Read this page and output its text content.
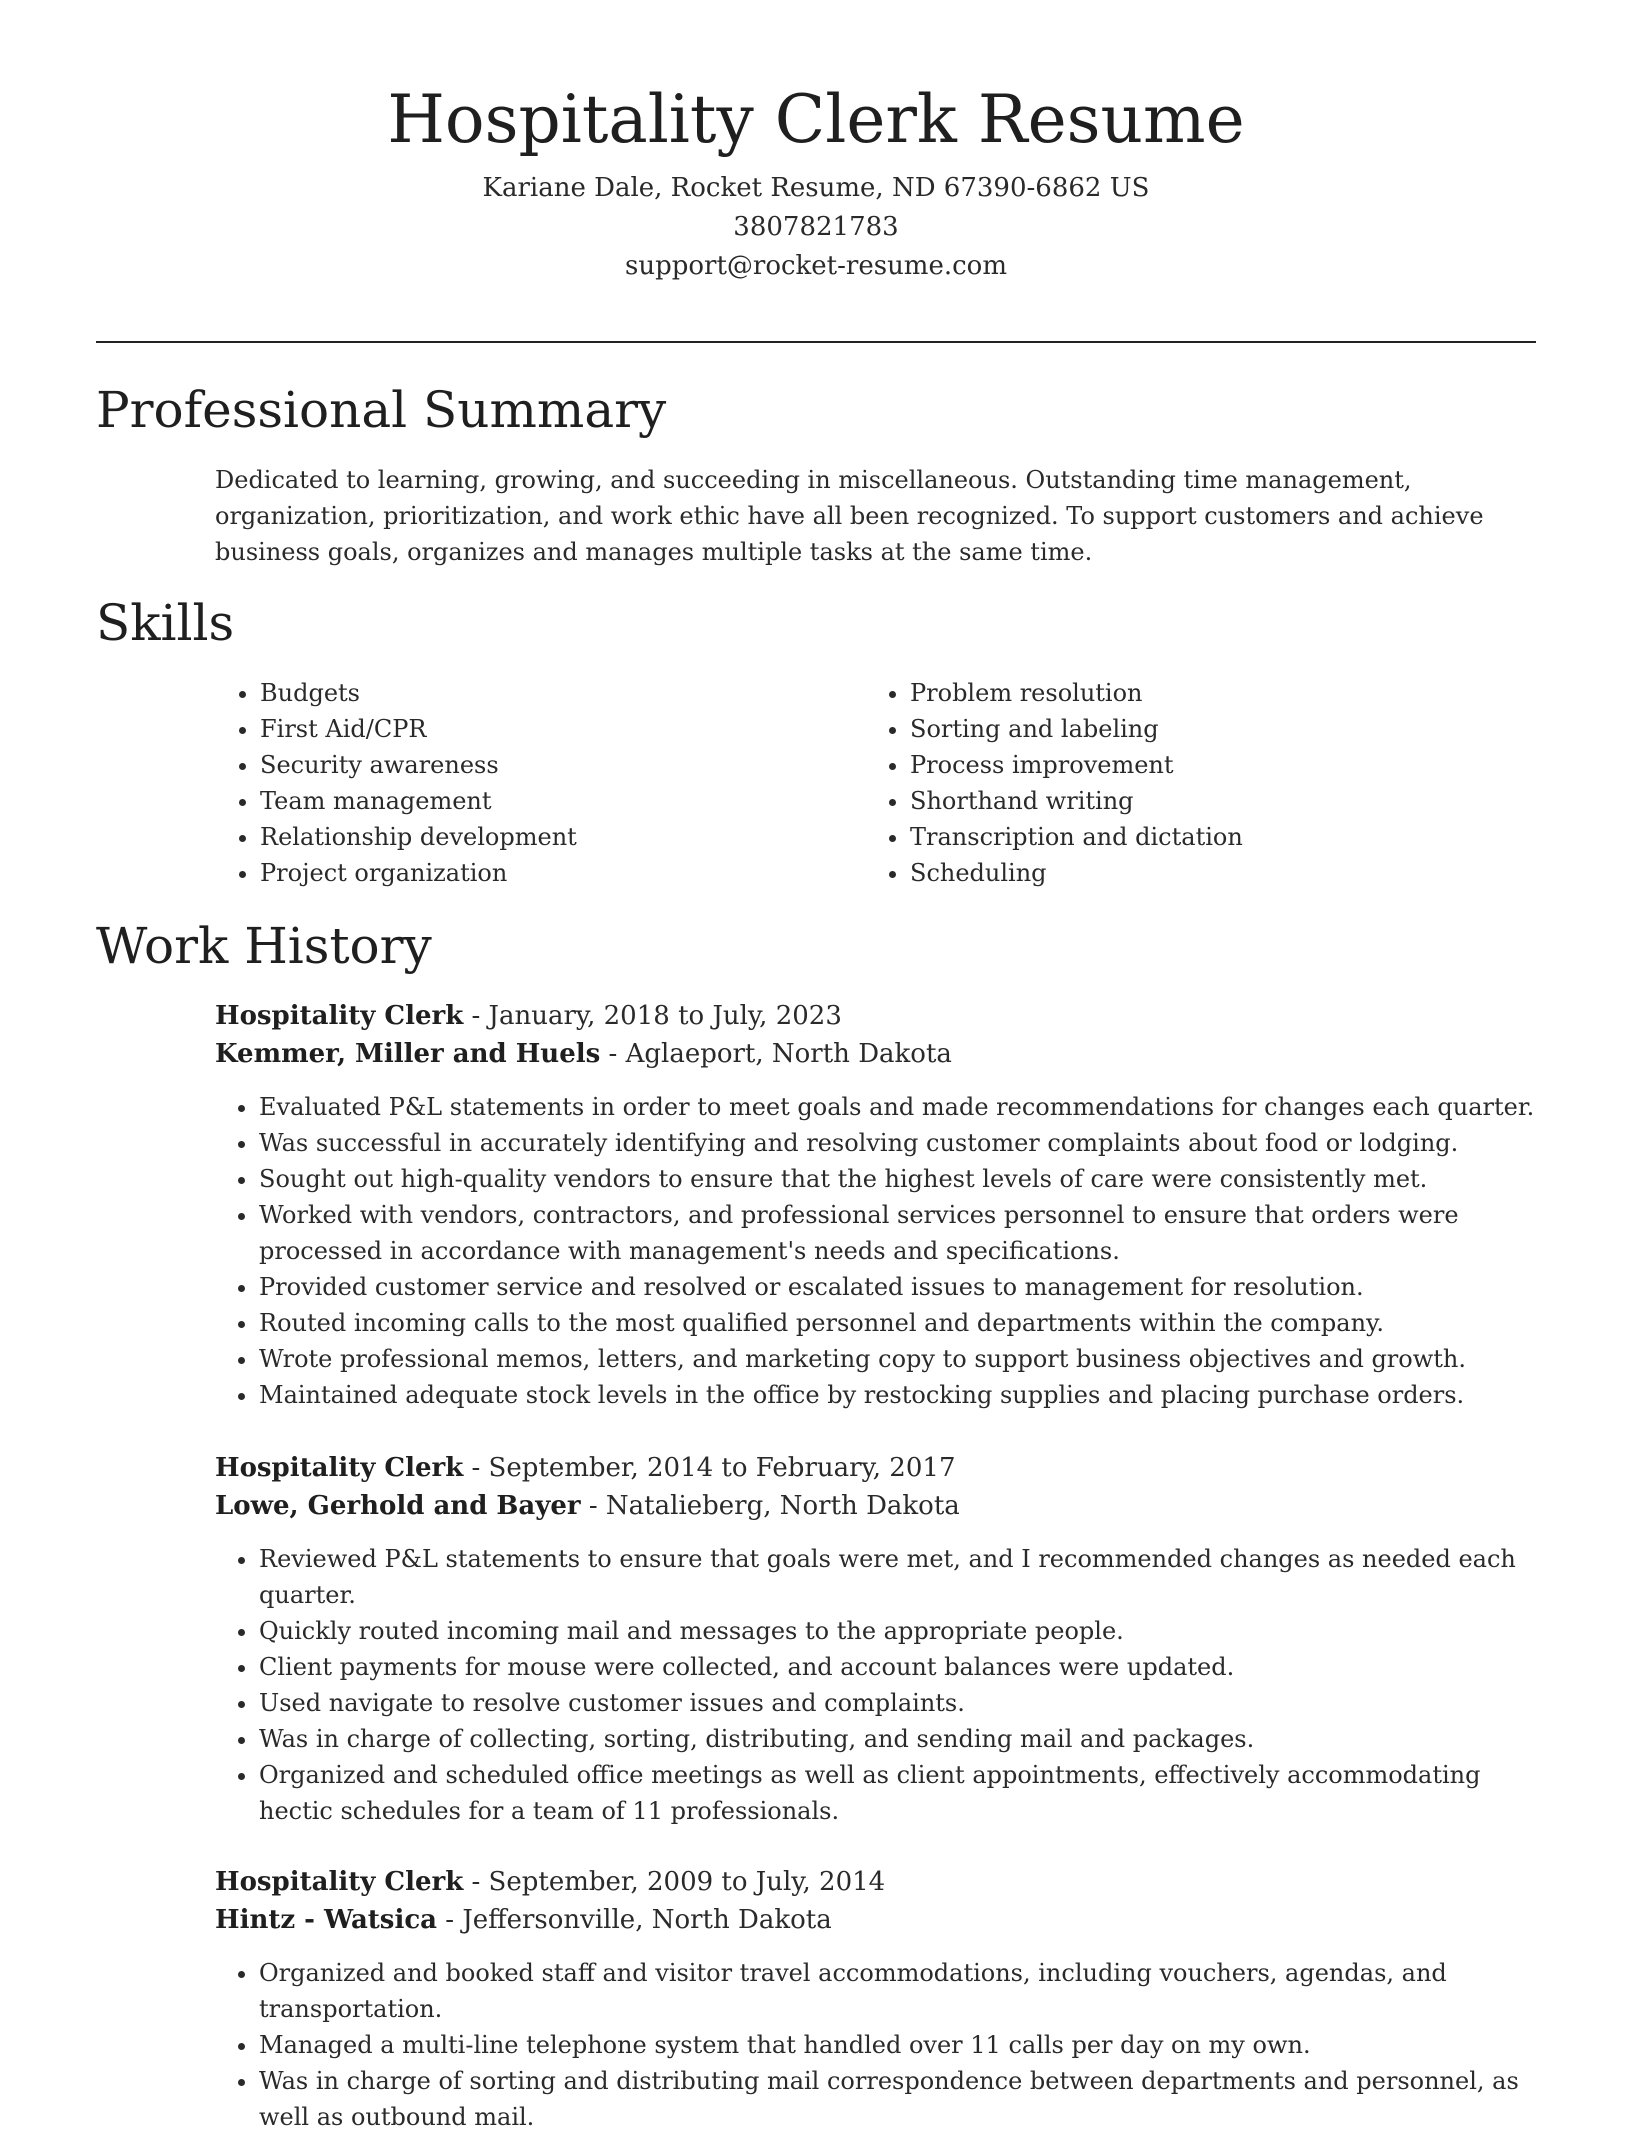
Hospitality Clerk Resume
Kariane Dale, Rocket Resume, ND 67390-6862 US
3807821783
support@rocket-resume.com
Professional Summary

Dedicated to learning, growing, and succeeding in miscellaneous. Outstanding time management, organization, prioritization, and work ethic have all been recognized. To support customers and achieve business goals, organizes and manages multiple tasks at the same time.

Skills
• Budgets
• First Aid/CPR
• Security awareness
• Team management
• Relationship development
• Project organization
• Problem resolution
• Sorting and labeling
• Process improvement
• Shorthand writing
• Transcription and dictation
• Scheduling
Work History
Hospitality Clerk - January, 2018 to July, 2023
Kemmer, Miller and Huels - Aglaeport, North Dakota
• Evaluated P&L statements in order to meet goals and made recommendations for changes each quarter.
• Was successful in accurately identifying and resolving customer complaints about food or lodging.
• Sought out high-quality vendors to ensure that the highest levels of care were consistently met.
• Worked with vendors, contractors, and professional services personnel to ensure that orders were processed in accordance with management's needs and specifications.
• Provided customer service and resolved or escalated issues to management for resolution.
• Routed incoming calls to the most qualified personnel and departments within the company.
• Wrote professional memos, letters, and marketing copy to support business objectives and growth.
• Maintained adequate stock levels in the office by restocking supplies and placing purchase orders.
Hospitality Clerk - September, 2014 to February, 2017
Lowe, Gerhold and Bayer - Natalieberg, North Dakota
• Reviewed P&L statements to ensure that goals were met, and I recommended changes as needed each quarter.
• Quickly routed incoming mail and messages to the appropriate people.
• Client payments for mouse were collected, and account balances were updated.
• Used navigate to resolve customer issues and complaints.
• Was in charge of collecting, sorting, distributing, and sending mail and packages.
• Organized and scheduled office meetings as well as client appointments, effectively accommodating hectic schedules for a team of 11 professionals.
Hospitality Clerk - September, 2009 to July, 2014
Hintz - Watsica - Jeffersonville, North Dakota
• Organized and booked staff and visitor travel accommodations, including vouchers, agendas, and transportation.
• Managed a multi-line telephone system that handled over 11 calls per day on my own.
• Was in charge of sorting and distributing mail correspondence between departments and personnel, as well as outbound mail.
